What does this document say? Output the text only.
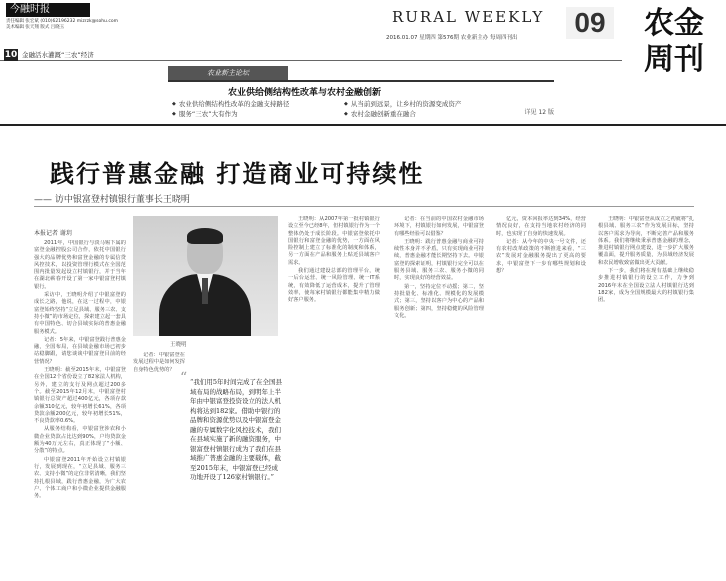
今融时报
责任编辑 张宏斌 (010)62196232 mizrzk@sohu.com
美术编辑 张天翔 版式 吕晓玉
RURAL WEEKLY	09
2016.01.07 星期四 第576期 农业新主办 每周四刊出	农金
周刊
10 金融活水灌溉“三农”经济
农业新主论坛
农业供给侧结构性改革与农村金融创新
◆ 农业供给侧结构性改革的金融支持路径	◆ 从当前到远景，让乡村的资源变成资产
◆ 服务“三农”大有作为	◆ 农村金融创新重在融合	详见 12 版
践行普惠金融 打造商业可持续性
—— 访中银富登村镇银行董事长王晓明
本报记者 谢玥

2011年，中国银行与淡马锡下属的富登金融控股公司合作，依托中国银行强大的品牌优势和富登金融的专属信贷风控技术，以投资管理行模式在全国范围内批量发起设立村镇银行，并于当年在湖北蕲春开设了第一家中银富登村镇银行。

采访中，王晓明介绍了中银富登的成长之路，他说，在这一过程中，中银富登始终坚持“立足县域、服务三农、支持小微”的市场定位，探索建立起一套具有中国特色、切合县域实际的普惠金融服务模式。

记者：5年来，中银富登践行普惠金融，全国布局，在县域金融市场已初步站稳脚跟，请您谈谈中银富登目前的经营情况？

王晓明：截至2015年末，中银富登在全国12个省份设立了82家法人机构，另外，建立的支行及网点超过200多个。截至2015年12月末，中银富登村镇银行总资产超过400亿元，各项存款余额310亿元，较年初增长61%，各项贷款余额200亿元，较年初增长51%，不良贷款率0.6%。

从服务结构看，中银富登涉农和小微企业贷款占比达到90%，户均贷款金额为40万元左右，真正体现了“小额、分散”的特点。

中银富登2011年开始设立村镇银行，发展到现在，“立足县域、服务三农、支持小微”的定位非常清晰，我们坚持扎根县域，践行普惠金融，为广大农户、个体工商户和小微企业提供金融服务。

王晓明

记者：中银富登在发展过程中是如何发挥自身特色优势的？

“ “我们用5年时间完成了在全国县域布局的战略布局，到明年上半年由中银富登投资设立的法人机构将达到182家。借助中银行的品牌和资源优势以及中银富登金融的专属数字化风控技术，我们在县域实施了新的融资服务，中银富登村镇银行成为了我们在县域推广普惠金融的主要载体，截至2015年末，中银富登已经成功地开设了126家村镇银行。”

王晓明：从2007年第一批村镇银行设立至今已经8年，但村镇银行作为一个整体仍处于成长阶段。中银富登依托中国银行和富登金融的优势，一方面在风险控制上建立了标准化的制度和体系，另一方面在产品和服务上贴近县域客户需求。

我们通过建设总部的管理平台，统一后台运营、统一风险管理、统一IT系统，有效降低了运营成本，提升了管理效率，使每家村镇银行都能集中精力做好客户服务。

记者：在当前的中国农村金融市场环境下，村镇银行如何发展，中银富登有哪些经验可以借鉴？

王晓明：践行普惠金融与商业可持续性本身并不矛盾。只有实现商业可持续，普惠金融才能长期坚持下去。中银富登的探索证明，村镇银行完全可以在服务县域、服务三农、服务小微的同时，实现良好的经营效益。

第一，坚持定位不动摇；第二，坚持批量化、标准化、规模化的发展模式；第三，坚持以客户为中心的产品和服务创新；第四，坚持稳健的风险管理文化。

亿元，资本回报率达到34%，经营情况良好，在支持当地农村经济的同时，也实现了自身的快速发展。

记者：从今年的中央一号文件，还有农村改革政策的不断推进来看，“三农”发展对金融服务提出了更高的要求，中银富登下一步有哪些规划和设想？

王晓明：中银富登从成立之初就将“扎根县域、服务三农”作为发展目标，坚持以客户需求为导向，不断完善产品和服务体系。我们将继续秉承普惠金融的理念，推进村镇银行网点建设，进一步扩大服务覆盖面，提升服务质量，为县域经济发展和农民增收致富做出更大贡献。

下一步，我们将在现有基础上继续稳步推进村镇银行的设立工作，力争到2016年末在全国设立法人村镇银行达到182家，成为全国规模最大的村镇银行集团。
